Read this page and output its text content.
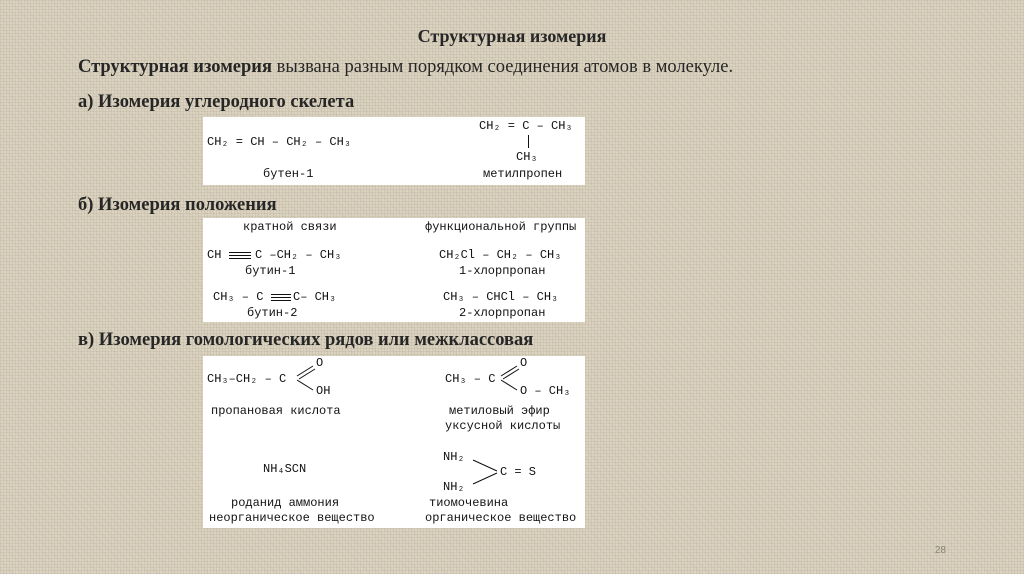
Структурная изомерия
Структурная изомерия вызвана разным порядком соединения атомов в молекуле.
а) Изомерия углеродного скелета
CH₂ = CH – CH₂ – CH₃
бутен-1
CH₂ = C – CH₃
CH₃
метилпропен
б) Изомерия положения
кратной связи	функциональной группы
CH	C –CH₂ – CH₃
бутин-1
CH₃ – C C– CH₃
бутин-2
CH₂Cl – CH₂ – CH₃
1-хлорпропан
CH₃ – CHCl – CH₃
2-хлорпропан
в) Изомерия гомологических рядов или межклассовая
CH₃–CH₂ – C
O
OH
пропановая кислота
CH₃ – C
O
O – CH₃
метиловый эфир
уксусной кислоты
NH₄SCN
роданид аммония
неорганическое вещество
NH₂
NH₂
C = S
тиомочевина
органическое вещество
28
